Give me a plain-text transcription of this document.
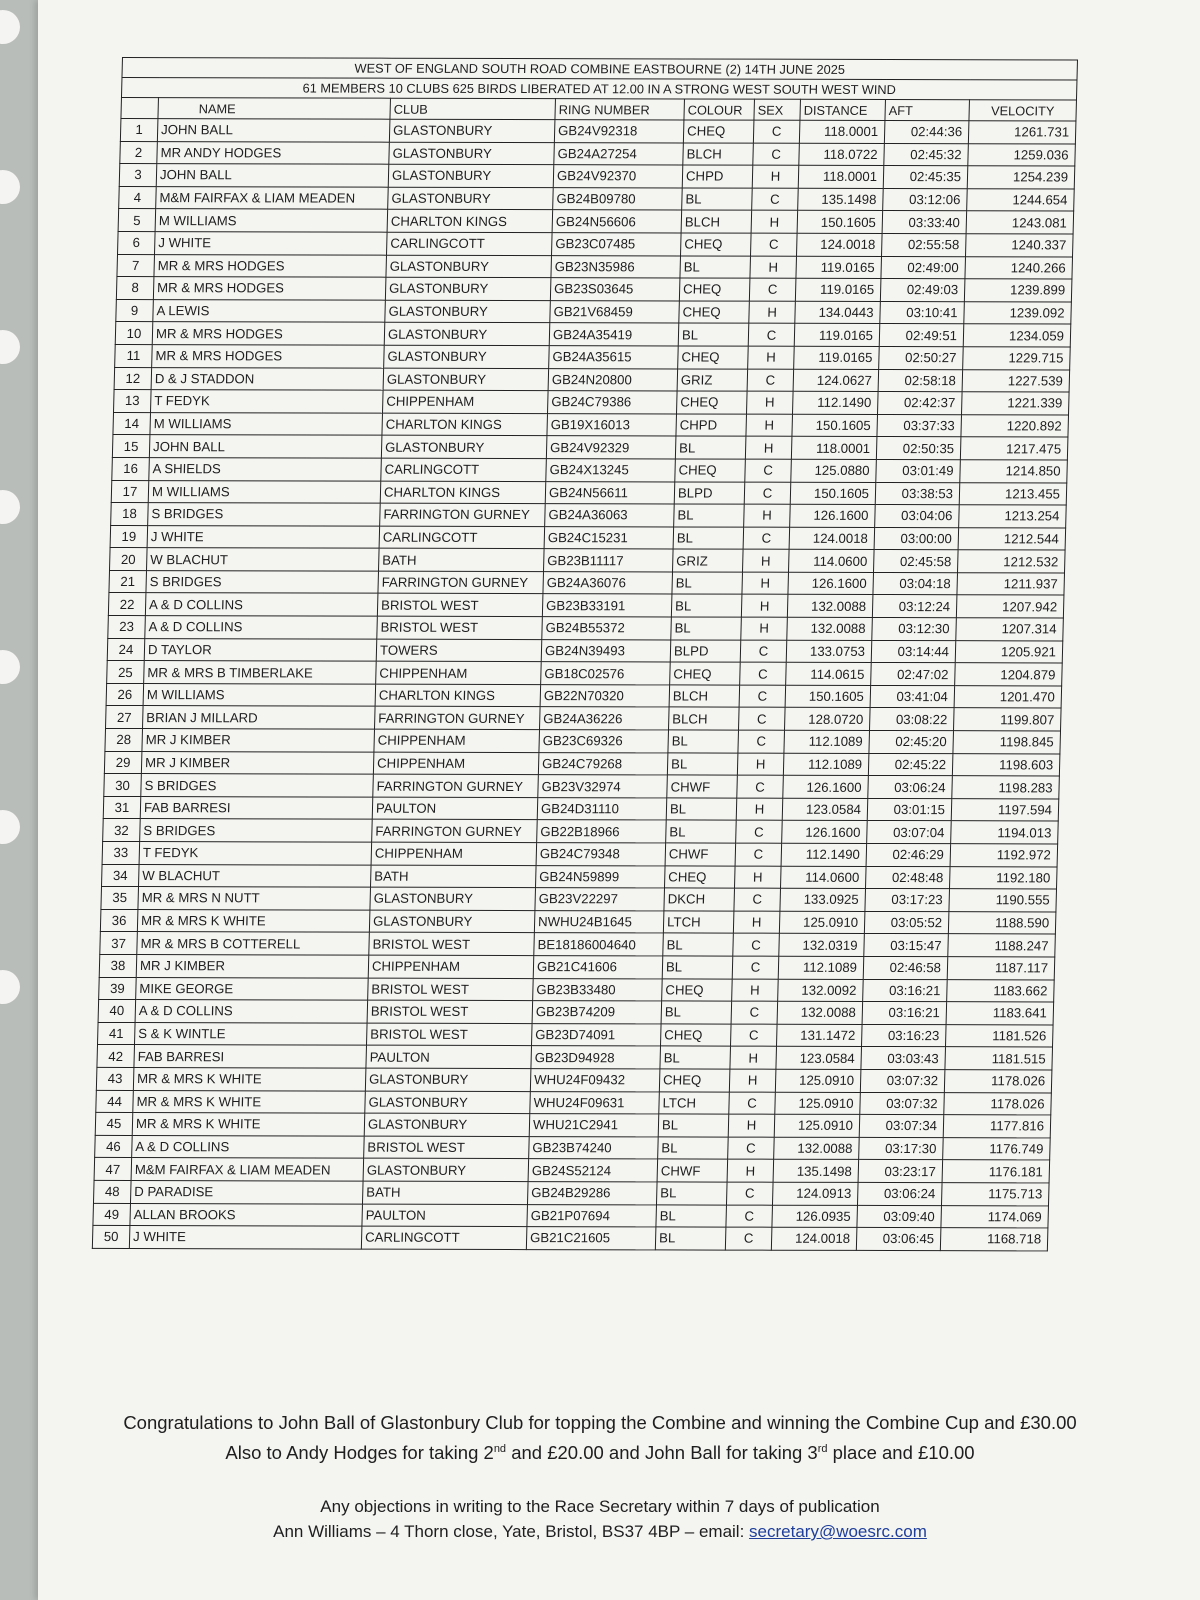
WEST OF ENGLAND SOUTH ROAD COMBINE EASTBOURNE (2) 14TH JUNE 2025								
61 MEMBERS 10 CLUBS 625 BIRDS LIBERATED AT 12.00 IN A STRONG WEST SOUTH WEST WIND								
	NAME	CLUB	RING NUMBER	COLOUR	SEX	DISTANCE	AFT	VELOCITY
1	JOHN BALL	GLASTONBURY	GB24V92318	CHEQ	C	118.0001	02:44:36	1261.731
2	MR ANDY HODGES	GLASTONBURY	GB24A27254	BLCH	C	118.0722	02:45:32	1259.036
3	JOHN BALL	GLASTONBURY	GB24V92370	CHPD	H	118.0001	02:45:35	1254.239
4	M&M FAIRFAX & LIAM MEADEN	GLASTONBURY	GB24B09780	BL	C	135.1498	03:12:06	1244.654
5	M WILLIAMS	CHARLTON KINGS	GB24N56606	BLCH	H	150.1605	03:33:40	1243.081
6	J WHITE	CARLINGCOTT	GB23C07485	CHEQ	C	124.0018	02:55:58	1240.337
7	MR & MRS HODGES	GLASTONBURY	GB23N35986	BL	H	119.0165	02:49:00	1240.266
8	MR & MRS HODGES	GLASTONBURY	GB23S03645	CHEQ	C	119.0165	02:49:03	1239.899
9	A LEWIS	GLASTONBURY	GB21V68459	CHEQ	H	134.0443	03:10:41	1239.092
10	MR & MRS HODGES	GLASTONBURY	GB24A35419	BL	C	119.0165	02:49:51	1234.059
11	MR & MRS HODGES	GLASTONBURY	GB24A35615	CHEQ	H	119.0165	02:50:27	1229.715
12	D & J STADDON	GLASTONBURY	GB24N20800	GRIZ	C	124.0627	02:58:18	1227.539
13	T FEDYK	CHIPPENHAM	GB24C79386	CHEQ	H	112.1490	02:42:37	1221.339
14	M WILLIAMS	CHARLTON KINGS	GB19X16013	CHPD	H	150.1605	03:37:33	1220.892
15	JOHN BALL	GLASTONBURY	GB24V92329	BL	H	118.0001	02:50:35	1217.475
16	A SHIELDS	CARLINGCOTT	GB24X13245	CHEQ	C	125.0880	03:01:49	1214.850
17	M WILLIAMS	CHARLTON KINGS	GB24N56611	BLPD	C	150.1605	03:38:53	1213.455
18	S BRIDGES	FARRINGTON GURNEY	GB24A36063	BL	H	126.1600	03:04:06	1213.254
19	J WHITE	CARLINGCOTT	GB24C15231	BL	C	124.0018	03:00:00	1212.544
20	W BLACHUT	BATH	GB23B11117	GRIZ	H	114.0600	02:45:58	1212.532
21	S BRIDGES	FARRINGTON GURNEY	GB24A36076	BL	H	126.1600	03:04:18	1211.937
22	A & D COLLINS	BRISTOL WEST	GB23B33191	BL	H	132.0088	03:12:24	1207.942
23	A & D COLLINS	BRISTOL WEST	GB24B55372	BL	H	132.0088	03:12:30	1207.314
24	D TAYLOR	TOWERS	GB24N39493	BLPD	C	133.0753	03:14:44	1205.921
25	MR & MRS B TIMBERLAKE	CHIPPENHAM	GB18C02576	CHEQ	C	114.0615	02:47:02	1204.879
26	M WILLIAMS	CHARLTON KINGS	GB22N70320	BLCH	C	150.1605	03:41:04	1201.470
27	BRIAN J MILLARD	FARRINGTON GURNEY	GB24A36226	BLCH	C	128.0720	03:08:22	1199.807
28	MR J KIMBER	CHIPPENHAM	GB23C69326	BL	C	112.1089	02:45:20	1198.845
29	MR J KIMBER	CHIPPENHAM	GB24C79268	BL	H	112.1089	02:45:22	1198.603
30	S BRIDGES	FARRINGTON GURNEY	GB23V32974	CHWF	C	126.1600	03:06:24	1198.283
31	FAB BARRESI	PAULTON	GB24D31110	BL	H	123.0584	03:01:15	1197.594
32	S BRIDGES	FARRINGTON GURNEY	GB22B18966	BL	C	126.1600	03:07:04	1194.013
33	T FEDYK	CHIPPENHAM	GB24C79348	CHWF	C	112.1490	02:46:29	1192.972
34	W BLACHUT	BATH	GB24N59899	CHEQ	H	114.0600	02:48:48	1192.180
35	MR & MRS N NUTT	GLASTONBURY	GB23V22297	DKCH	C	133.0925	03:17:23	1190.555
36	MR & MRS K WHITE	GLASTONBURY	NWHU24B1645	LTCH	H	125.0910	03:05:52	1188.590
37	MR & MRS B COTTERELL	BRISTOL WEST	BE18186004640	BL	C	132.0319	03:15:47	1188.247
38	MR J KIMBER	CHIPPENHAM	GB21C41606	BL	C	112.1089	02:46:58	1187.117
39	MIKE GEORGE	BRISTOL WEST	GB23B33480	CHEQ	H	132.0092	03:16:21	1183.662
40	A & D COLLINS	BRISTOL WEST	GB23B74209	BL	C	132.0088	03:16:21	1183.641
41	S & K WINTLE	BRISTOL WEST	GB23D74091	CHEQ	C	131.1472	03:16:23	1181.526
42	FAB BARRESI	PAULTON	GB23D94928	BL	H	123.0584	03:03:43	1181.515
43	MR & MRS K WHITE	GLASTONBURY	WHU24F09432	CHEQ	H	125.0910	03:07:32	1178.026
44	MR & MRS K WHITE	GLASTONBURY	WHU24F09631	LTCH	C	125.0910	03:07:32	1178.026
45	MR & MRS K WHITE	GLASTONBURY	WHU21C2941	BL	H	125.0910	03:07:34	1177.816
46	A & D COLLINS	BRISTOL WEST	GB23B74240	BL	C	132.0088	03:17:30	1176.749
47	M&M FAIRFAX & LIAM MEADEN	GLASTONBURY	GB24S52124	CHWF	H	135.1498	03:23:17	1176.181
48	D PARADISE	BATH	GB24B29286	BL	C	124.0913	03:06:24	1175.713
49	ALLAN BROOKS	PAULTON	GB21P07694	BL	C	126.0935	03:09:40	1174.069
50	J WHITE	CARLINGCOTT	GB21C21605	BL	C	124.0018	03:06:45	1168.718
Congratulations to John Ball of Glastonbury Club for topping the Combine and winning the Combine Cup and £30.00
Also to Andy Hodges for taking 2nd and £20.00 and John Ball for taking 3rd place and £10.00
Any objections in writing to the Race Secretary within 7 days of publication
Ann Williams – 4 Thorn close, Yate, Bristol, BS37 4BP – email: secretary@woesrc.com
